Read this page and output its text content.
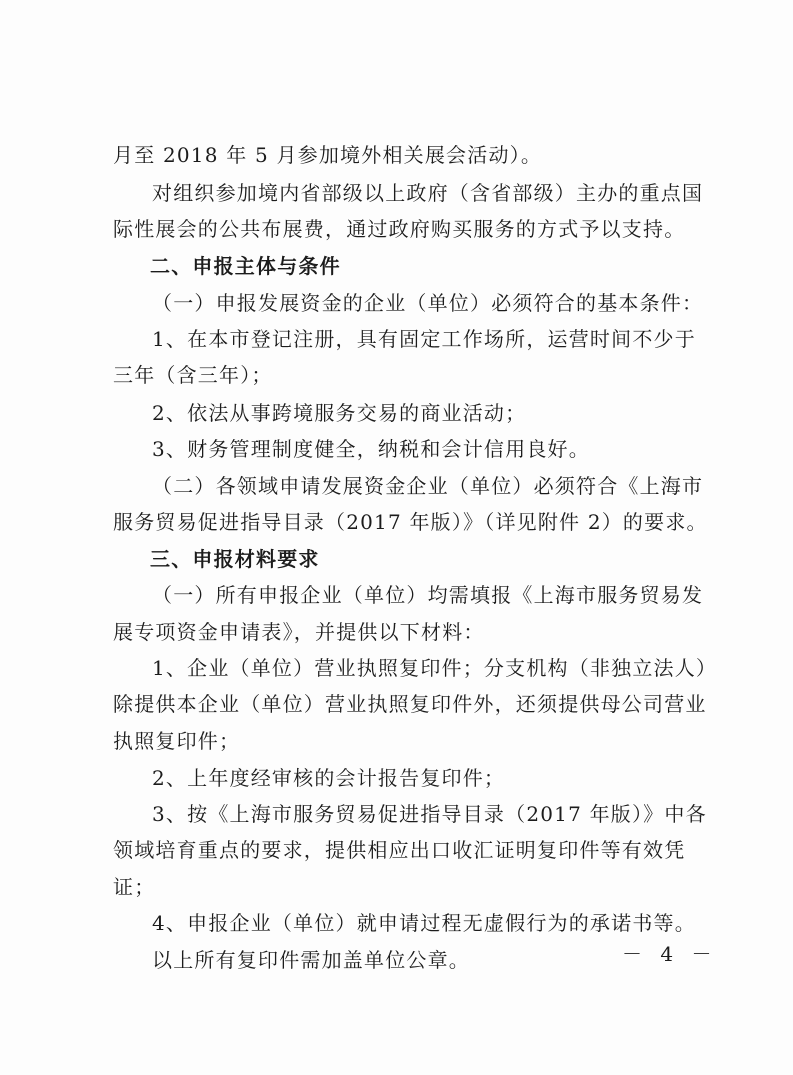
月至 2018 年 5 月参加境外相关展会活动）。
对组织参加境内省部级以上政府（含省部级）主办的重点国
际性展会的公共布展费，通过政府购买服务的方式予以支持。
二、申报主体与条件
（一）申报发展资金的企业（单位）必须符合的基本条件：
1、在本市登记注册，具有固定工作场所，运营时间不少于
三年（含三年）；
2、依法从事跨境服务交易的商业活动；
3、财务管理制度健全，纳税和会计信用良好。
（二）各领域申请发展资金企业（单位）必须符合《上海市
服务贸易促进指导目录（2017 年版）》（详见附件 2）的要求。
三、申报材料要求
（一）所有申报企业（单位）均需填报《上海市服务贸易发
展专项资金申请表》，并提供以下材料：
1、企业（单位）营业执照复印件；分支机构（非独立法人）
除提供本企业（单位）营业执照复印件外，还须提供母公司营业
执照复印件；
2、上年度经审核的会计报告复印件；
3、按《上海市服务贸易促进指导目录（2017 年版）》中各
领域培育重点的要求，提供相应出口收汇证明复印件等有效凭
证；
4、申报企业（单位）就申请过程无虚假行为的承诺书等。
以上所有复印件需加盖单位公章。	－ 4 －
